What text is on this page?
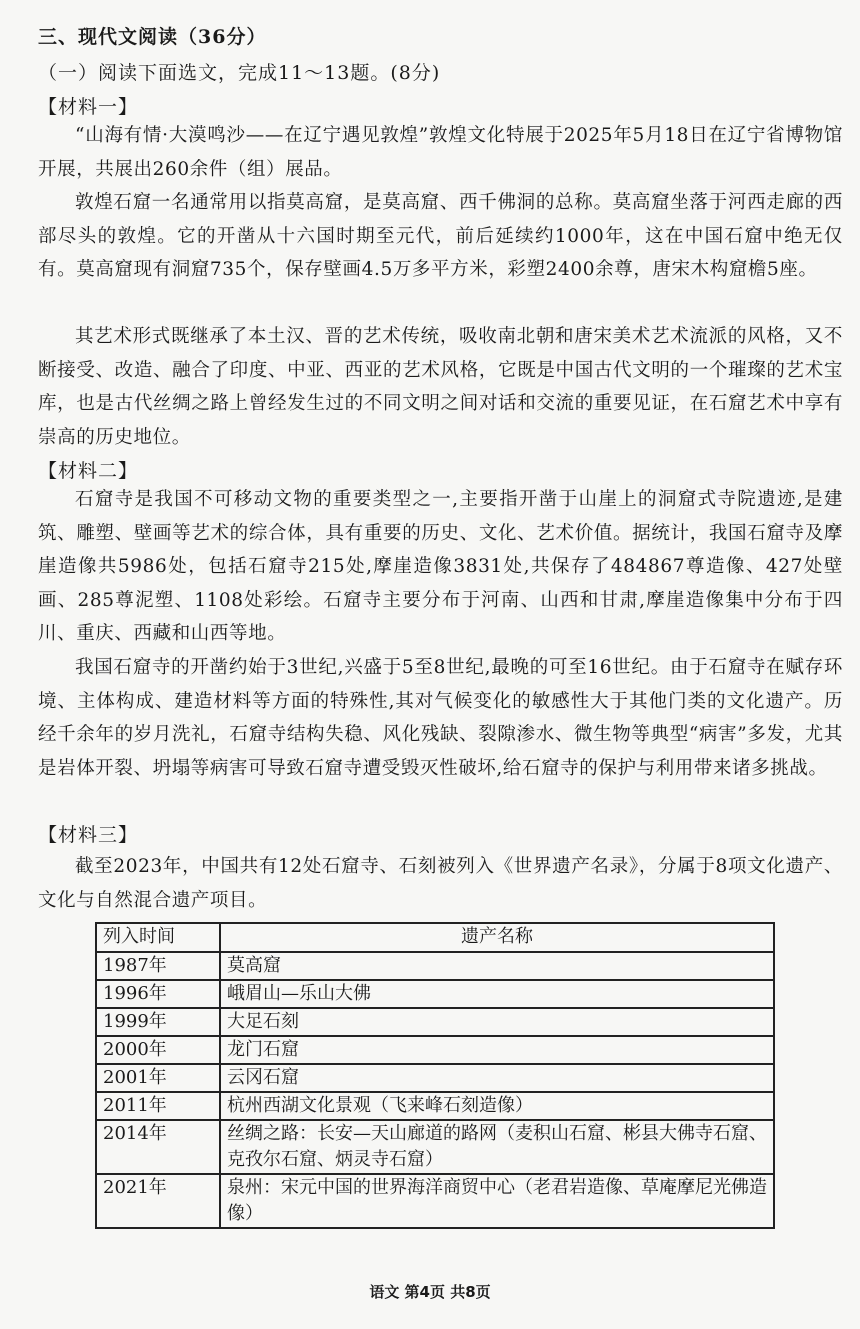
三、现代文阅读（36分）
（一）阅读下面选文，完成11～13题。(8分)
【材料一】

“山海有情·大漠鸣沙——在辽宁遇见敦煌”敦煌文化特展于2025年5月18日在辽宁省博物馆开展，共展出260余件（组）展品。

敦煌石窟一名通常用以指莫高窟，是莫高窟、西千佛洞的总称。莫高窟坐落于河西走廊的西部尽头的敦煌。它的开凿从十六国时期至元代，前后延续约1000年，这在中国石窟中绝无仅有。莫高窟现有洞窟735个，保存壁画4.5万多平方米，彩塑2400余尊，唐宋木构窟檐5座。

其艺术形式既继承了本土汉、晋的艺术传统，吸收南北朝和唐宋美术艺术流派的风格，又不断接受、改造、融合了印度、中亚、西亚的艺术风格，它既是中国古代文明的一个璀璨的艺术宝库，也是古代丝绸之路上曾经发生过的不同文明之间对话和交流的重要见证，在石窟艺术中享有崇高的历史地位。

【材料二】

石窟寺是我国不可移动文物的重要类型之一,主要指开凿于山崖上的洞窟式寺院遗迹,是建筑、雕塑、壁画等艺术的综合体，具有重要的历史、文化、艺术价值。据统计，我国石窟寺及摩崖造像共5986处，包括石窟寺215处,摩崖造像3831处,共保存了484867尊造像、427处壁画、285尊泥塑、1108处彩绘。石窟寺主要分布于河南、山西和甘肃,摩崖造像集中分布于四川、重庆、西藏和山西等地。

我国石窟寺的开凿约始于3世纪,兴盛于5至8世纪,最晚的可至16世纪。由于石窟寺在赋存环境、主体构成、建造材料等方面的特殊性,其对气候变化的敏感性大于其他门类的文化遗产。历经千余年的岁月洗礼，石窟寺结构失稳、风化残缺、裂隙渗水、微生物等典型“病害”多发，尤其是岩体开裂、坍塌等病害可导致石窟寺遭受毁灭性破坏,给石窟寺的保护与利用带来诸多挑战。

【材料三】

截至2023年，中国共有12处石窟寺、石刻被列入《世界遗产名录》，分属于8项文化遗产、文化与自然混合遗产项目。

列入时间	遗产名称
1987年	莫高窟
1996年	峨眉山—乐山大佛
1999年	大足石刻
2000年	龙门石窟
2001年	云冈石窟
2011年	杭州西湖文化景观（飞来峰石刻造像）
2014年	丝绸之路：长安—天山廊道的路网（麦积山石窟、彬县大佛寺石窟、克孜尔石窟、炳灵寺石窟）
2021年	泉州：宋元中国的世界海洋商贸中心（老君岩造像、草庵摩尼光佛造像）
语文 第4页 共8页
